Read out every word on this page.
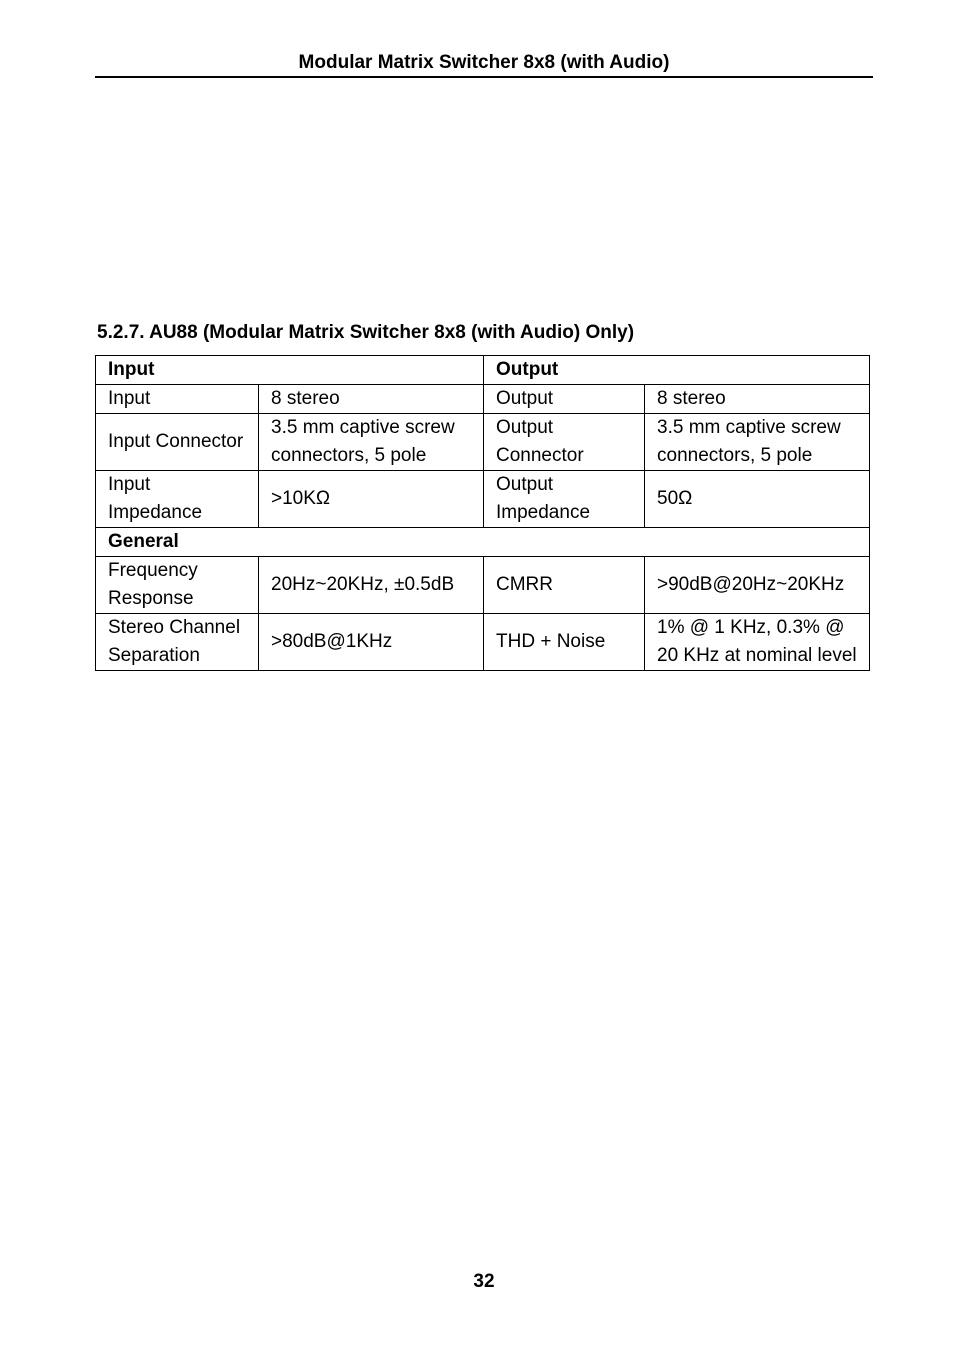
Modular Matrix Switcher 8x8 (with Audio)
5.2.7. AU88 (Modular Matrix Switcher 8x8 (with Audio) Only)
Input		Output	
Input	8 stereo	Output	8 stereo
Input Connector	3.5 mm captive screw connectors, 5 pole	Output Connector	3.5 mm captive screw connectors, 5 pole
Input Impedance	>10KΩ	Output Impedance	50Ω
General			
Frequency Response	20Hz~20KHz, ±0.5dB	CMRR	>90dB@20Hz~20KHz
Stereo Channel Separation	>80dB@1KHz	THD + Noise	1% @ 1 KHz, 0.3% @ 20 KHz at nominal level
32
